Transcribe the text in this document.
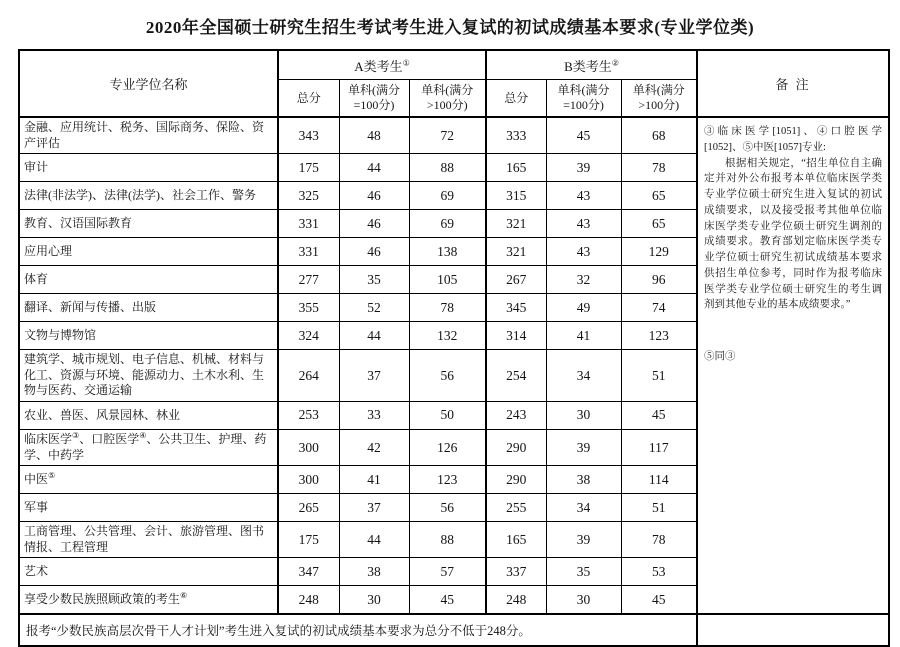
2020年全国硕士研究生招生考试考生进入复试的初试成绩基本要求(专业学位类)
专业学位名称	A类考生①			B类考生②			备 注
	总分	单科(满分=100分)	单科(满分>100分)	总分	单科(满分=100分)	单科(满分>100分)	
金融、应用统计、税务、国际商务、保险、资产评估	343	48	72	333	45	68	③临床医学[1051]、④口腔医学[1052]、⑤中医[1057]专业:

根据相关规定，“招生单位自主确定并对外公布报考本单位临床医学类专业学位硕士研究生进入复试的初试成绩要求，以及接受报考其他单位临床医学类专业学位硕士研究生调剂的成绩要求。教育部划定临床医学类专业学位硕士研究生初试成绩基本要求供招生单位参考，同时作为报考临床医学类专业学位硕士研究生的考生调剂到其他专业的基本成绩要求。”

⑤同③

审计	175	44	88	165	39	78	
法律(非法学)、法律(法学)、社会工作、警务	325	46	69	315	43	65	
教育、汉语国际教育	331	46	69	321	43	65	
应用心理	331	46	138	321	43	129	
体育	277	35	105	267	32	96	
翻译、新闻与传播、出版	355	52	78	345	49	74	
文物与博物馆	324	44	132	314	41	123	
建筑学、城市规划、电子信息、机械、材料与化工、资源与环境、能源动力、土木水利、生物与医药、交通运输	264	37	56	254	34	51	
农业、兽医、风景园林、林业	253	33	50	243	30	45	
临床医学③、口腔医学④、公共卫生、护理、药学、中药学	300	42	126	290	39	117	
中医⑤	300	41	123	290	38	114	
军事	265	37	56	255	34	51	
工商管理、公共管理、会计、旅游管理、图书情报、工程管理	175	44	88	165	39	78	
艺术	347	38	57	337	35	53	
享受少数民族照顾政策的考生⑥	248	30	45	248	30	45	
报考“少数民族高层次骨干人才计划”考生进入复试的初试成绩基本要求为总分不低于248分。							
